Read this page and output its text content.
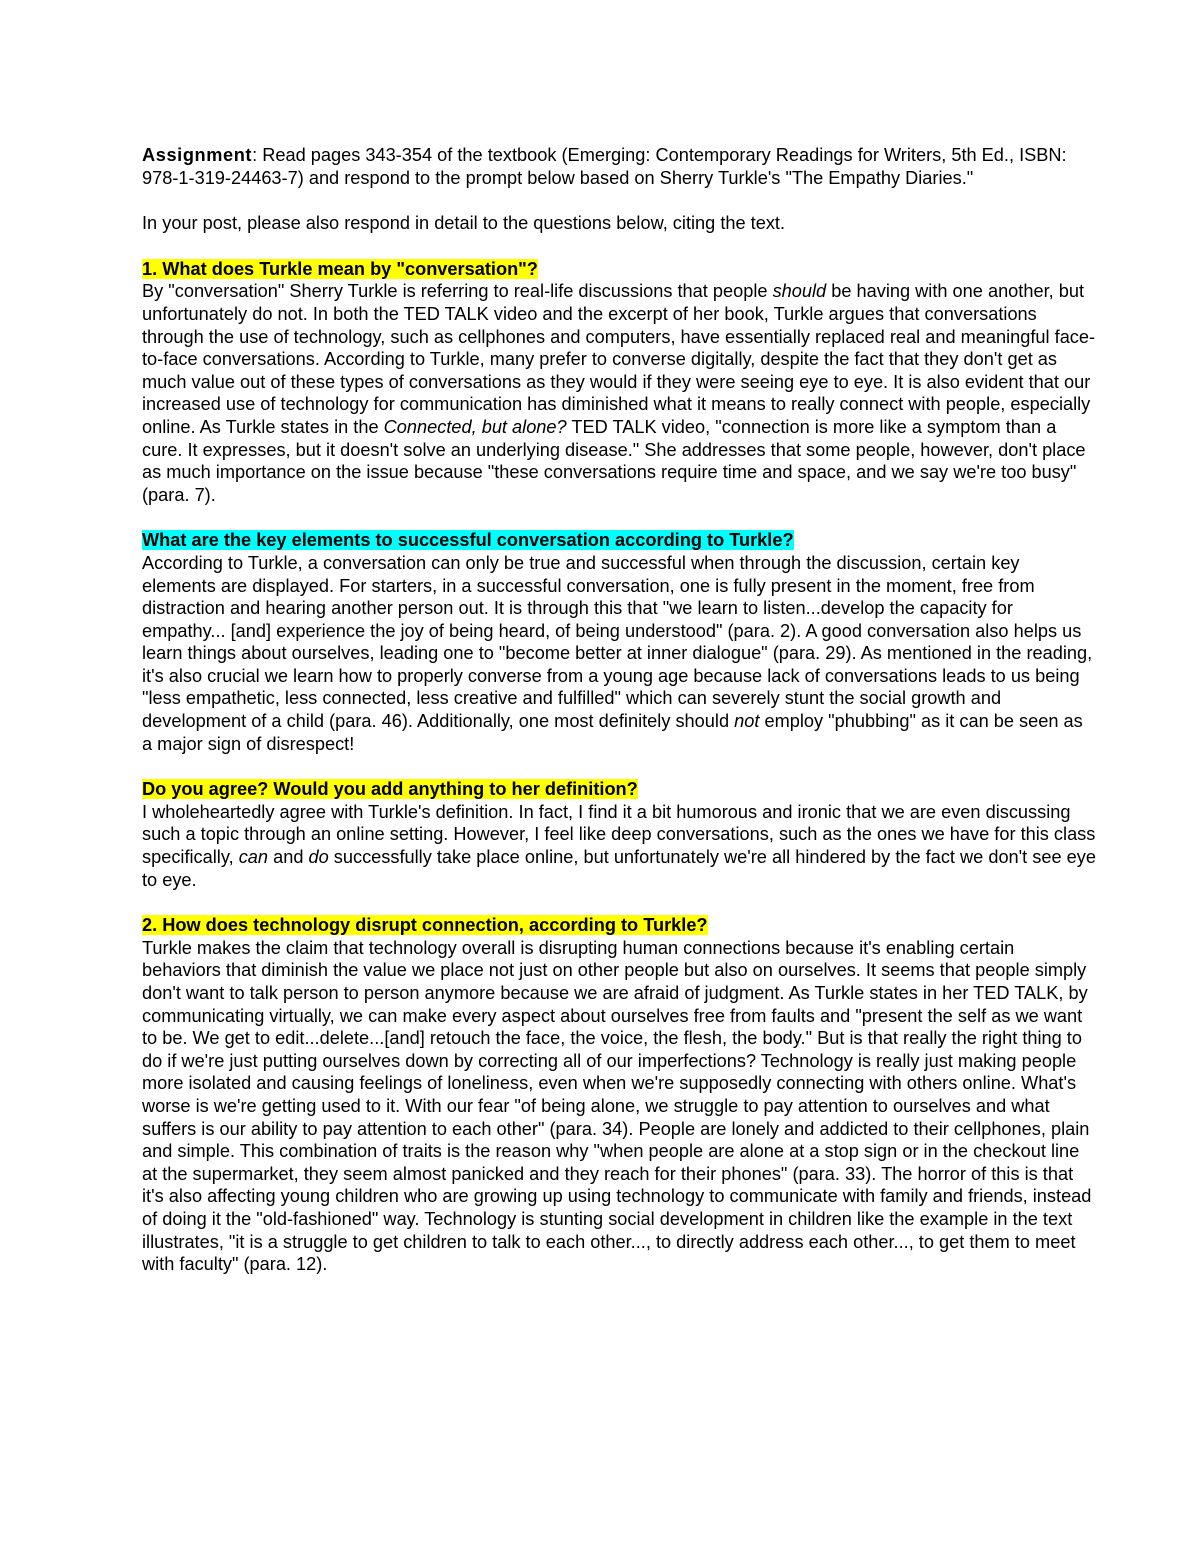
Assignment: Read pages 343-354 of the textbook (Emerging: Contemporary Readings for Writers, 5th Ed., ISBN: 978-1-319-24463-7) and respond to the prompt below based on Sherry Turkle's "The Empathy Diaries."

In your post, please also respond in detail to the questions below, citing the text.

1. What does Turkle mean by "conversation"?

By "conversation" Sherry Turkle is referring to real-life discussions that people should be having with one another, but unfortunately do not. In both the TED TALK video and the excerpt of her book, Turkle argues that conversations through the use of technology, such as cellphones and computers, have essentially replaced real and meaningful face-to-face conversations. According to Turkle, many prefer to converse digitally, despite the fact that they don't get as much value out of these types of conversations as they would if they were seeing eye to eye. It is also evident that our increased use of technology for communication has diminished what it means to really connect with people, especially online. As Turkle states in the Connected, but alone? TED TALK video, "connection is more like a symptom than a cure. It expresses, but it doesn't solve an underlying disease." She addresses that some people, however, don't place as much importance on the issue because "these conversations require time and space, and we say we're too busy" (para. 7).

What are the key elements to successful conversation according to Turkle?

According to Turkle, a conversation can only be true and successful when through the discussion, certain key elements are displayed. For starters, in a successful conversation, one is fully present in the moment, free from distraction and hearing another person out. It is through this that "we learn to listen...develop the capacity for empathy... [and] experience the joy of being heard, of being understood" (para. 2). A good conversation also helps us learn things about ourselves, leading one to "become better at inner dialogue" (para. 29). As mentioned in the reading, it's also crucial we learn how to properly converse from a young age because lack of conversations leads to us being "less empathetic, less connected, less creative and fulfilled" which can severely stunt the social growth and development of a child (para. 46). Additionally, one most definitely should not employ "phubbing" as it can be seen as a major sign of disrespect!

Do you agree? Would you add anything to her definition?

I wholeheartedly agree with Turkle's definition. In fact, I find it a bit humorous and ironic that we are even discussing such a topic through an online setting. However, I feel like deep conversations, such as the ones we have for this class specifically, can and do successfully take place online, but unfortunately we're all hindered by the fact we don't see eye to eye.

2. How does technology disrupt connection, according to Turkle?

Turkle makes the claim that technology overall is disrupting human connections because it's enabling certain behaviors that diminish the value we place not just on other people but also on ourselves. It seems that people simply don't want to talk person to person anymore because we are afraid of judgment. As Turkle states in her TED TALK, by communicating virtually, we can make every aspect about ourselves free from faults and "present the self as we want to be. We get to edit...delete...[and] retouch the face, the voice, the flesh, the body." But is that really the right thing to do if we're just putting ourselves down by correcting all of our imperfections? Technology is really just making people more isolated and causing feelings of loneliness, even when we're supposedly connecting with others online. What's worse is we're getting used to it. With our fear "of being alone, we struggle to pay attention to ourselves and what suffers is our ability to pay attention to each other" (para. 34). People are lonely and addicted to their cellphones, plain and simple. This combination of traits is the reason why "when people are alone at a stop sign or in the checkout line at the supermarket, they seem almost panicked and they reach for their phones" (para. 33). The horror of this is that it's also affecting young children who are growing up using technology to communicate with family and friends, instead of doing it the "old-fashioned" way. Technology is stunting social development in children like the example in the text illustrates, "it is a struggle to get children to talk to each other..., to directly address each other..., to get them to meet with faculty" (para. 12).
